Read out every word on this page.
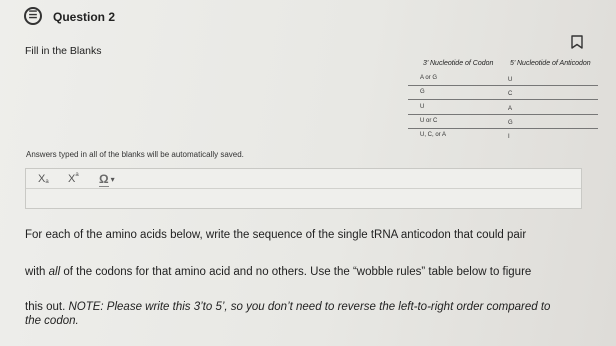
☰	Question 2
Fill in the Blanks
3’ Nucleotide of Codon 5’ Nucleotide of Anticodon
A or G	U
G	C
U	A
U or C	G
U, C, or A	I
Answers typed in all of the blanks will be automatically saved.
X a X a Ω ▾

For each of the amino acids below, write the sequence of the single tRNA anticodon that could pair

with all of the codons for that amino acid and no others. Use the “wobble rules” table below to figure

this out. NOTE: Please write this 3’to 5’, so you don’t need to reverse the left-to-right order compared to

the codon.
